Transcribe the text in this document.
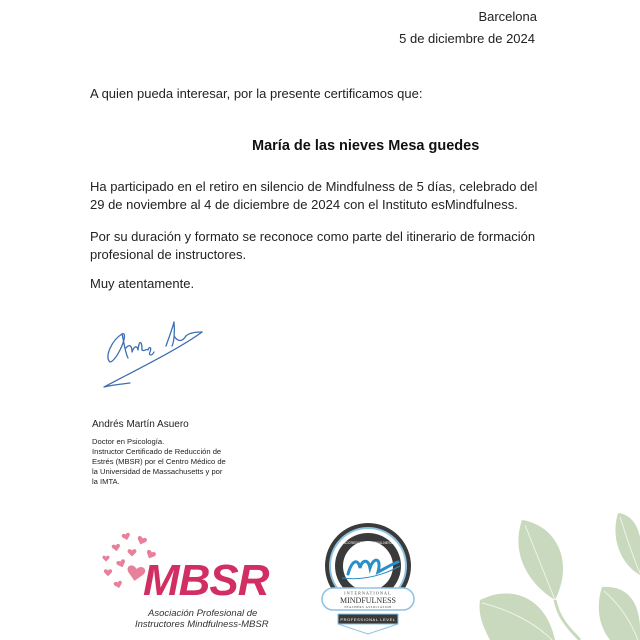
Barcelona
5 de diciembre de 2024
A quien pueda interesar, por la presente certificamos que:
María de las nieves Mesa guedes
Ha participado en el retiro en silencio de Mindfulness de 5 días, celebrado del
29 de noviembre al 4 de diciembre de 2024 con el Instituto esMindfulness.
Por su duración y formato se reconoce como parte del itinerario de formación
profesional de instructores.
Muy atentamente.
Andrés Martín Asuero
Doctor en Psicología.
Instructor Certificado de Reducción de
Estrés (MBSR) por el Centro Médico de
la Universidad de Massachusetts y por
la IMTA.
MBSR
Asociación Profesional de
Instructores Mindfulness-MBSR
ACCREDITED MINDFULNESS
INTERNATIONAL
MINDFULNESS
TEACHERS ASSOCIATION
PROFESSIONAL LEVEL
